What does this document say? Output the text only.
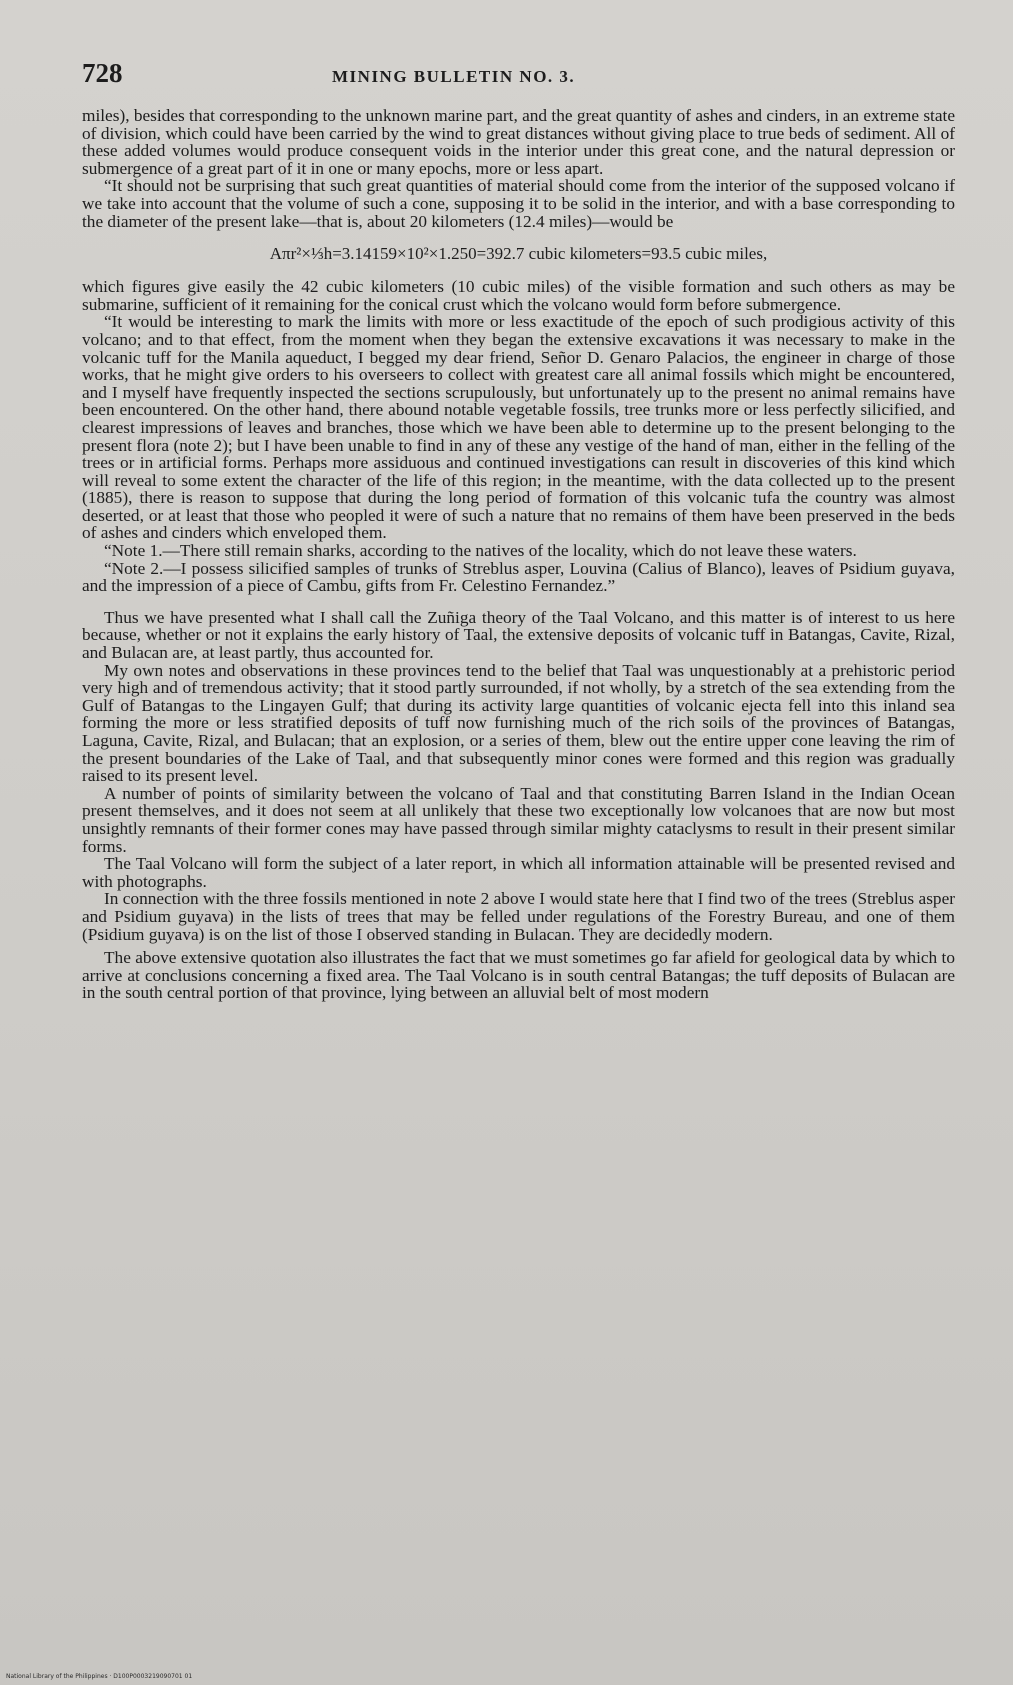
728	MINING BULLETIN NO. 3.

miles), besides that corresponding to the unknown marine part, and the great quantity of ashes and cinders, in an extreme state of division, which could have been carried by the wind to great distances without giving place to true beds of sediment. All of these added volumes would produce consequent voids in the interior under this great cone, and the natural depression or submergence of a great part of it in one or many epochs, more or less apart.

“It should not be surprising that such great quantities of material should come from the interior of the supposed volcano if we take into account that the volume of such a cone, supposing it to be solid in the interior, and with a base corresponding to the diameter of the present lake—that is, about 20 kilometers (12.4 miles)—would be

Aπr²×⅓h=3.14159×10²×1.250=392.7 cubic kilometers=93.5 cubic miles,

which figures give easily the 42 cubic kilometers (10 cubic miles) of the visible formation and such others as may be submarine, sufficient of it remaining for the conical crust which the volcano would form before submergence.

“It would be interesting to mark the limits with more or less exactitude of the epoch of such prodigious activity of this volcano; and to that effect, from the moment when they began the extensive excavations it was necessary to make in the volcanic tuff for the Manila aqueduct, I begged my dear friend, Señor D. Genaro Palacios, the engineer in charge of those works, that he might give orders to his overseers to collect with greatest care all animal fossils which might be encountered, and I myself have frequently inspected the sections scrupulously, but unfortunately up to the present no animal remains have been encountered. On the other hand, there abound notable vegetable fossils, tree trunks more or less perfectly silicified, and clearest impressions of leaves and branches, those which we have been able to determine up to the present belonging to the present flora (note 2); but I have been unable to find in any of these any vestige of the hand of man, either in the felling of the trees or in artificial forms. Perhaps more assiduous and continued investigations can result in discoveries of this kind which will reveal to some extent the character of the life of this region; in the meantime, with the data collected up to the present (1885), there is reason to suppose that during the long period of formation of this volcanic tufa the country was almost deserted, or at least that those who peopled it were of such a nature that no remains of them have been preserved in the beds of ashes and cinders which enveloped them.

“Note 1.—There still remain sharks, according to the natives of the locality, which do not leave these waters.

“Note 2.—I possess silicified samples of trunks of Streblus asper, Louvina (Calius of Blanco), leaves of Psidium guyava, and the impression of a piece of Cambu, gifts from Fr. Celestino Fernandez.”

Thus we have presented what I shall call the Zuñiga theory of the Taal Volcano, and this matter is of interest to us here because, whether or not it explains the early history of Taal, the extensive deposits of volcanic tuff in Batangas, Cavite, Rizal, and Bulacan are, at least partly, thus accounted for.

My own notes and observations in these provinces tend to the belief that Taal was unquestionably at a prehistoric period very high and of tremendous activity; that it stood partly surrounded, if not wholly, by a stretch of the sea extending from the Gulf of Batangas to the Lingayen Gulf; that during its activity large quantities of volcanic ejecta fell into this inland sea forming the more or less stratified deposits of tuff now furnishing much of the rich soils of the provinces of Batangas, Laguna, Cavite, Rizal, and Bulacan; that an explosion, or a series of them, blew out the entire upper cone leaving the rim of the present boundaries of the Lake of Taal, and that subsequently minor cones were formed and this region was gradually raised to its present level.

A number of points of similarity between the volcano of Taal and that constituting Barren Island in the Indian Ocean present themselves, and it does not seem at all unlikely that these two exceptionally low volcanoes that are now but most unsightly remnants of their former cones may have passed through similar mighty cataclysms to result in their present similar forms.

The Taal Volcano will form the subject of a later report, in which all information attainable will be presented revised and with photographs.

In connection with the three fossils mentioned in note 2 above I would state here that I find two of the trees (Streblus asper and Psidium guyava) in the lists of trees that may be felled under regulations of the Forestry Bureau, and one of them (Psidium guyava) is on the list of those I observed standing in Bulacan. They are decidedly modern.

The above extensive quotation also illustrates the fact that we must sometimes go far afield for geological data by which to arrive at conclusions concerning a fixed area. The Taal Volcano is in south central Batangas; the tuff deposits of Bulacan are in the south central portion of that province, lying between an alluvial belt of most modern

National Library of the Philippines · D100P0003219090701 01
